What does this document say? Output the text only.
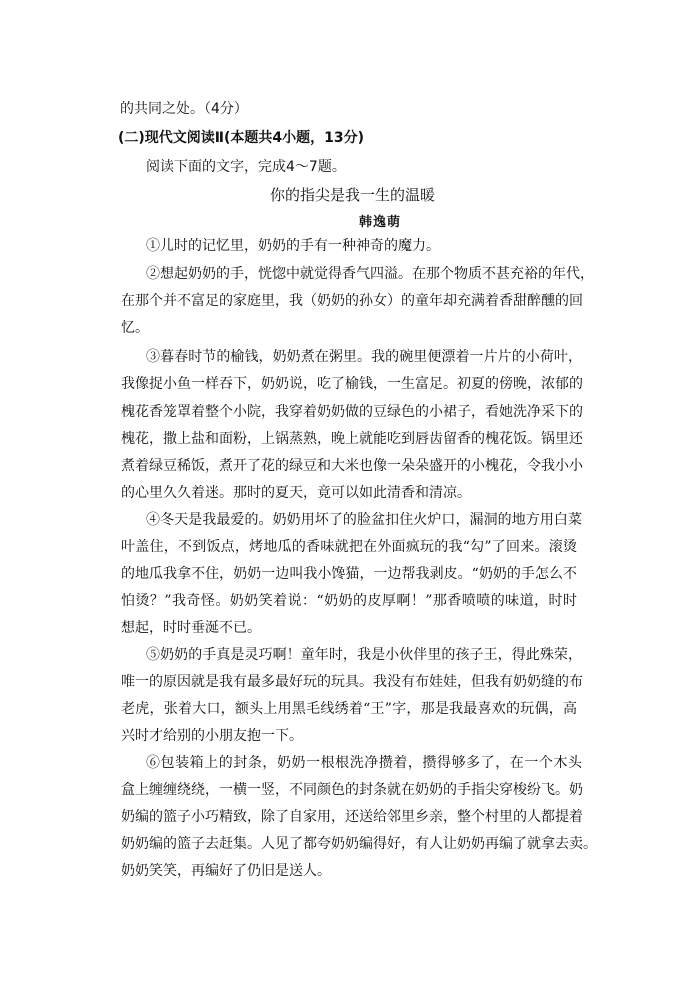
的共同之处。（4分）
(二)现代文阅读Ⅱ(本题共4小题，13分)
阅读下面的文字，完成4～7题。
你的指尖是我一生的温暖
韩逸萌
①儿时的记忆里，奶奶的手有一种神奇的魔力。
②想起奶奶的手，恍惚中就觉得香气四溢。在那个物质不甚充裕的年代，
在那个并不富足的家庭里，我（奶奶的孙女）的童年却充满着香甜醉醺的回
忆。
③暮春时节的榆钱，奶奶煮在粥里。我的碗里便漂着一片片的小荷叶，
我像捉小鱼一样吞下，奶奶说，吃了榆钱，一生富足。初夏的傍晚，浓郁的
槐花香笼罩着整个小院，我穿着奶奶做的豆绿色的小裙子，看她洗净采下的
槐花，撒上盐和面粉，上锅蒸熟，晚上就能吃到唇齿留香的槐花饭。锅里还
煮着绿豆稀饭，煮开了花的绿豆和大米也像一朵朵盛开的小槐花，令我小小
的心里久久着迷。那时的夏天，竟可以如此清香和清凉。
④冬天是我最爱的。奶奶用坏了的脸盆扣住火炉口，漏洞的地方用白菜
叶盖住，不到饭点，烤地瓜的香味就把在外面疯玩的我“勾”了回来。滚烫
的地瓜我拿不住，奶奶一边叫我小馋猫，一边帮我剥皮。“奶奶的手怎么不
怕烫？”我奇怪。奶奶笑着说：“奶奶的皮厚啊！”那香喷喷的味道，时时
想起，时时垂涎不已。
⑤奶奶的手真是灵巧啊！童年时，我是小伙伴里的孩子王，得此殊荣，
唯一的原因就是我有最多最好玩的玩具。我没有布娃娃，但我有奶奶缝的布
老虎，张着大口，额头上用黑毛线绣着“王”字，那是我最喜欢的玩偶，高
兴时才给别的小朋友抱一下。
⑥包装箱上的封条，奶奶一根根洗净攒着，攒得够多了，在一个木头
盒上缠缠绕绕，一横一竖，不同颜色的封条就在奶奶的手指尖穿梭纷飞。奶
奶编的篮子小巧精致，除了自家用，还送给邻里乡亲，整个村里的人都提着
奶奶编的篮子去赶集。人见了都夸奶奶编得好，有人让奶奶再编了就拿去卖。
奶奶笑笑，再编好了仍旧是送人。
